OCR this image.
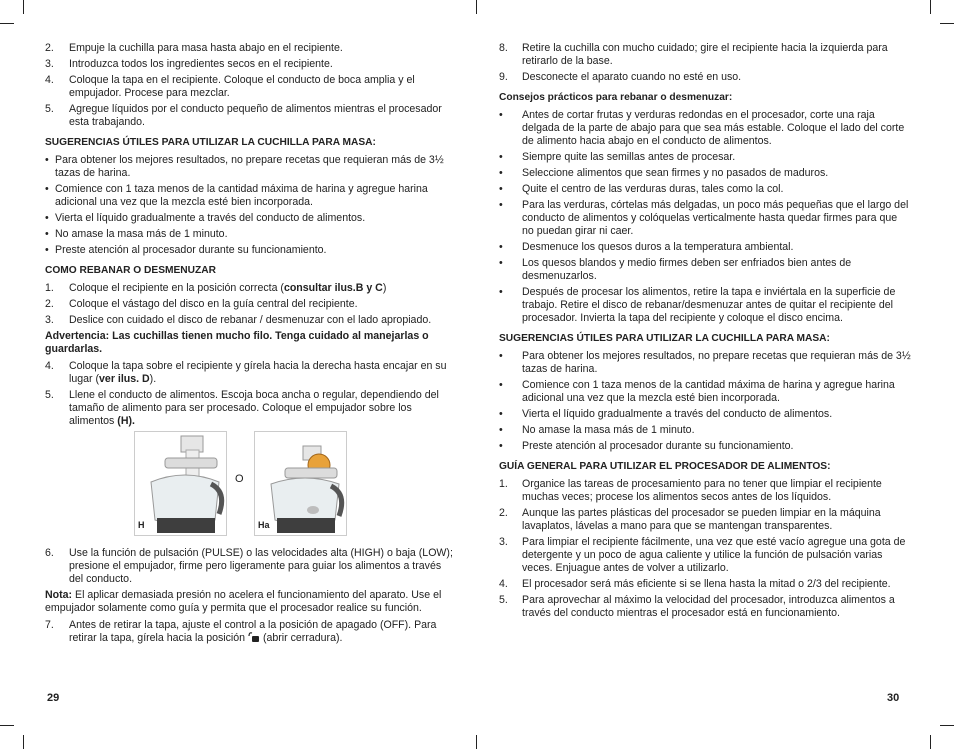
2. Empuje la cuchilla para masa hasta abajo en el recipiente.
3. Introduzca todos los ingredientes secos en el recipiente.
4. Coloque la tapa en el recipiente. Coloque el conducto de boca amplia y el empujador. Procese para mezclar.
5. Agregue líquidos por el conducto pequeño de alimentos mientras el procesador esta trabajando.
SUGERENCIAS ÚTILES PARA UTILIZAR LA CUCHILLA PARA MASA:
• Para obtener los mejores resultados, no prepare recetas que requieran más de 3½ tazas de harina.
• Comience con 1 taza menos de la cantidad máxima de harina y agregue harina adicional una vez que la mezcla esté bien incorporada.
• Vierta el líquido gradualmente a través del conducto de alimentos.
• No amase la masa más de 1 minuto.
• Preste atención al procesador durante su funcionamiento.
COMO REBANAR O DESMENUZAR
1. Coloque el recipiente en la posición correcta (consultar ilus.B y C)
2. Coloque el vástago del disco en la guía central del recipiente.
3. Deslice con cuidado el disco de rebanar / desmenuzar con el lado apropiado.
Advertencia: Las cuchillas tienen mucho filo. Tenga cuidado al manejarlas o guardarlas.
4. Coloque la tapa sobre el recipiente y gírela hacia la derecha hasta encajar en su lugar (ver ilus. D).
5. Llene el conducto de alimentos. Escoja boca ancha o regular, dependiendo del tamaño de alimento para ser procesado. Coloque el empujador sobre los alimentos (H).
H
O
Ha
6. Use la función de pulsación (PULSE) o las velocidades alta (HIGH) o baja (LOW); presione el empujador, firme pero ligeramente para guiar los alimentos a través del conducto.
Nota: El aplicar demasiada presión no acelera el funcionamiento del aparato. Use el empujador solamente como guía y permita que el procesador realice su función.
7. Antes de retirar la tapa, ajuste el control a la posición de apagado (OFF). Para retirar la tapa, gírela hacia la posición  (abrir cerradura).
29
8. Retire la cuchilla con mucho cuidado; gire el recipiente hacia la izquierda para retirarlo de la base.
9. Desconecte el aparato cuando no esté en uso.
Consejos prácticos para rebanar o desmenuzar:
• Antes de cortar frutas y verduras redondas en el procesador, corte una raja delgada de la parte de abajo para que sea más estable. Coloque el lado del corte de alimento hacia abajo en el conducto de alimentos.
• Siempre quite las semillas antes de procesar.
• Seleccione alimentos que sean firmes y no pasados de maduros.
• Quite el centro de las verduras duras, tales como la col.
• Para las verduras, córtelas más delgadas, un poco más pequeñas que el largo del conducto de alimentos y colóquelas verticalmente hasta quedar firmes para que no puedan girar ni caer.
• Desmenuce los quesos duros a la temperatura ambiental.
• Los quesos blandos y medio firmes deben ser enfriados bien antes de desmenuzarlos.
• Después de procesar los alimentos, retire la tapa e inviértala en la superficie de trabajo. Retire el disco de rebanar/desmenuzar antes de quitar el recipiente del procesador. Invierta la tapa del recipiente y coloque el disco encima.
SUGERENCIAS ÚTILES PARA UTILIZAR LA CUCHILLA PARA MASA:
• Para obtener los mejores resultados, no prepare recetas que requieran más de 3½ tazas de harina.
• Comience con 1 taza menos de la cantidad máxima de harina y agregue harina adicional una vez que la mezcla esté bien incorporada.
• Vierta el líquido gradualmente a través del conducto de alimentos.
• No amase la masa más de 1 minuto.
• Preste atención al procesador durante su funcionamiento.
GUÍA GENERAL PARA UTILIZAR EL PROCESADOR DE ALIMENTOS:
1. Organice las tareas de procesamiento para no tener que limpiar el recipiente muchas veces; procese los alimentos secos antes de los líquidos.
2. Aunque las partes plásticas del procesador se pueden limpiar en la máquina lavaplatos, lávelas a mano para que se mantengan transparentes.
3. Para limpiar el recipiente fácilmente, una vez que esté vacío agregue una gota de detergente y un poco de agua caliente y utilice la función de pulsación varias veces. Enjuague antes de volver a utilizarlo.
4. El procesador será más eficiente si se llena hasta la mitad o 2/3 del recipiente.
5. Para aprovechar al máximo la velocidad del procesador, introduzca alimentos a través del conducto mientras el procesador está en funcionamiento.
30
